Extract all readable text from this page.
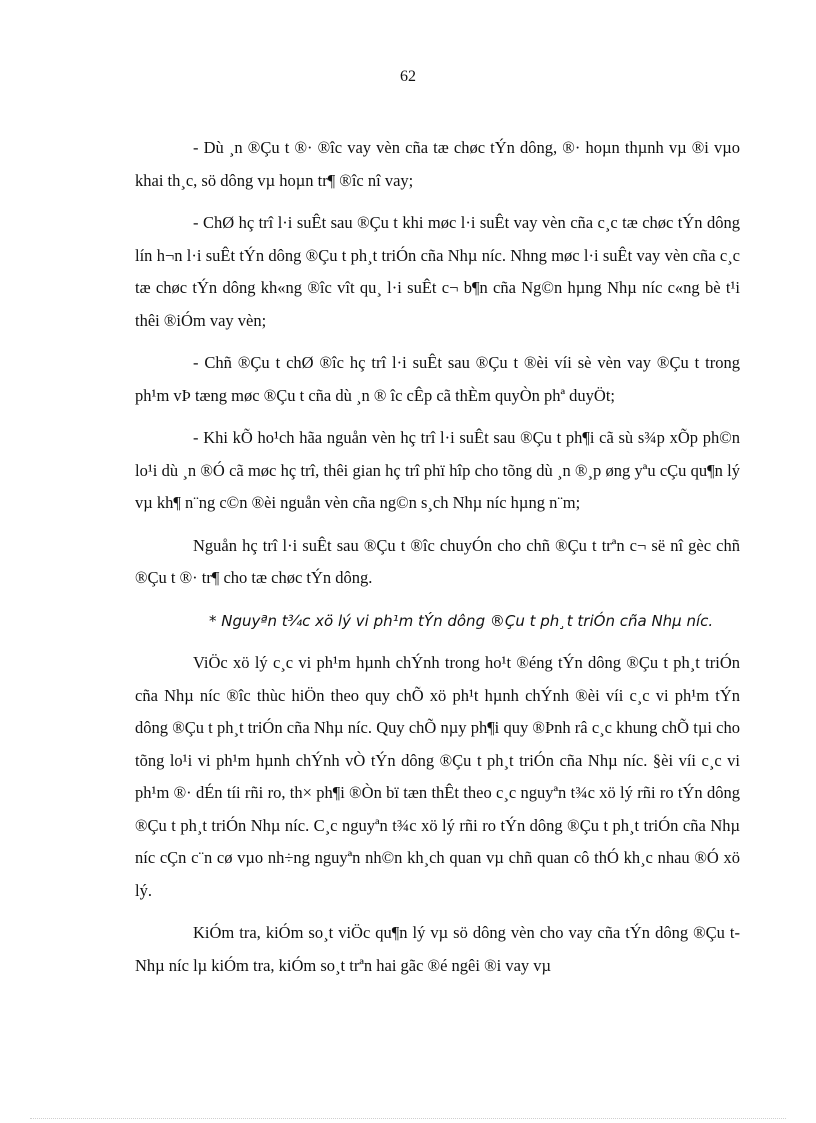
62

- Dù ¸n ®Çu t ®· ®îc vay vèn cña tæ chøc tÝn dông, ®· hoµn thµnh vµ ®i vµo khai th¸c, sö dông vµ hoµn tr¶ ®îc nî vay;

- ChØ hç trî l·i suÊt sau ®Çu t khi møc l·i suÊt vay vèn cña c¸c tæ chøc tÝn dông lín h¬n l·i suÊt tÝn dông ®Çu t ph¸t triÓn cña Nhµ níc. Nhng møc l·i suÊt vay vèn cña c¸c tæ chøc tÝn dông kh«ng ®îc vît qu¸ l·i suÊt c¬ b¶n cña Ng©n hµng Nhµ níc c«ng bè t¹i thêi ®iÓm vay vèn;

- Chñ ®Çu t chØ ®îc hç trî l·i suÊt sau ®Çu t ®èi víi sè vèn vay ®Çu t trong ph¹m vÞ tæng møc ®Çu t cña dù ¸n ® îc cÊp cã thÈm quyÒn phª duyÖt;

- Khi kÕ ho¹ch hãa nguån vèn hç trî l·i suÊt sau ®Çu t ph¶i cã sù s¾p xÕp ph©n lo¹i dù ¸n ®Ó cã møc hç trî, thêi gian hç trî phï hîp cho tõng dù ¸n ®¸p øng yªu cÇu qu¶n lý vµ kh¶ n¨ng c©n ®èi nguån vèn cña ng©n s¸ch Nhµ níc hµng n¨m;

Nguån hç trî l·i suÊt sau ®Çu t ®îc chuyÓn cho chñ ®Çu t trªn c¬ së nî gèc chñ ®Çu t ®· tr¶ cho tæ chøc tÝn dông.

* Nguyªn t¾c xö lý vi ph¹m tÝn dông ®Çu t ph¸t triÓn cña Nhµ níc.

ViÖc xö lý c¸c vi ph¹m hµnh chÝnh trong ho¹t ®éng tÝn dông ®Çu t ph¸t triÓn cña Nhµ níc ®îc thùc hiÖn theo quy chÕ xö ph¹t hµnh chÝnh ®èi víi c¸c vi ph¹m tÝn dông ®Çu t ph¸t triÓn cña Nhµ níc. Quy chÕ nµy ph¶i quy ®Þnh râ c¸c khung chÕ tµi cho tõng lo¹i vi ph¹m hµnh chÝnh vÒ tÝn dông ®Çu t ph¸t triÓn cña Nhµ níc. §èi víi c¸c vi ph¹m ®· dÉn tíi rñi ro, th× ph¶i ®Òn bï tæn thÊt theo c¸c nguyªn t¾c xö lý rñi ro tÝn dông ®Çu t ph¸t triÓn Nhµ níc. C¸c nguyªn t¾c xö lý rñi ro tÝn dông ®Çu t ph¸t triÓn cña Nhµ níc cÇn c¨n cø vµo nh÷ng nguyªn nh©n kh¸ch quan vµ chñ quan cô thÓ kh¸c nhau ®Ó xö lý.

KiÓm tra, kiÓm so¸t viÖc qu¶n lý vµ sö dông vèn cho vay cña tÝn dông ®Çu t Nhµ níc lµ kiÓm tra, kiÓm so¸t trªn hai gãc ®é ngêi ®i vay vµ
